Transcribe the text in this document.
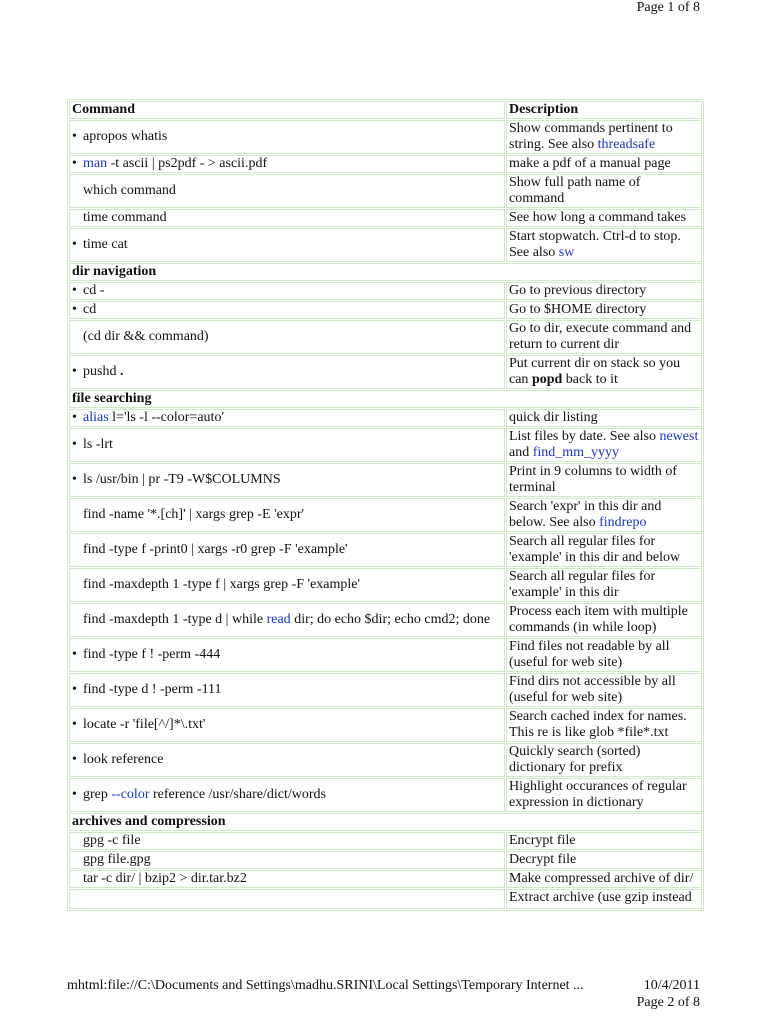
Page 1 of 8
Command	Description
• apropos whatis	Show commands pertinent to string. See also threadsafe
• man -t ascii | ps2pdf - > ascii.pdf	make a pdf of a manual page
which command	Show full path name of command
time command	See how long a command takes
• time cat	Start stopwatch. Ctrl-d to stop. See also sw
dir navigation	
• cd -	Go to previous directory
• cd	Go to $HOME directory
(cd dir && command)	Go to dir, execute command and return to current dir
• pushd .	Put current dir on stack so you can popd back to it
file searching	
• alias l='ls -l --color=auto'	quick dir listing
• ls -lrt	List files by date. See also newest and find_mm_yyyy
• ls /usr/bin | pr -T9 -W$COLUMNS	Print in 9 columns to width of terminal
find -name '*.[ch]' | xargs grep -E 'expr'	Search 'expr' in this dir and below. See also findrepo
find -type f -print0 | xargs -r0 grep -F 'example'	Search all regular files for 'example' in this dir and below
find -maxdepth 1 -type f | xargs grep -F 'example'	Search all regular files for 'example' in this dir
find -maxdepth 1 -type d | while read dir; do echo $dir; echo cmd2; done	Process each item with multiple commands (in while loop)
• find -type f ! -perm -444	Find files not readable by all (useful for web site)
• find -type d ! -perm -111	Find dirs not accessible by all (useful for web site)
• locate -r 'file[^/]*\.txt'	Search cached index for names. This re is like glob *file*.txt
• look reference	Quickly search (sorted) dictionary for prefix
• grep --color reference /usr/share/dict/words	Highlight occurances of regular expression in dictionary
archives and compression	
gpg -c file	Encrypt file
gpg file.gpg	Decrypt file
tar -c dir/ | bzip2 > dir.tar.bz2	Make compressed archive of dir/

	Extract archive (use gzip instead
mhtml:file://C:\Documents and Settings\madhu.SRINI\Local Settings\Temporary Internet ...	10/4/2011
Page 2 of 8
